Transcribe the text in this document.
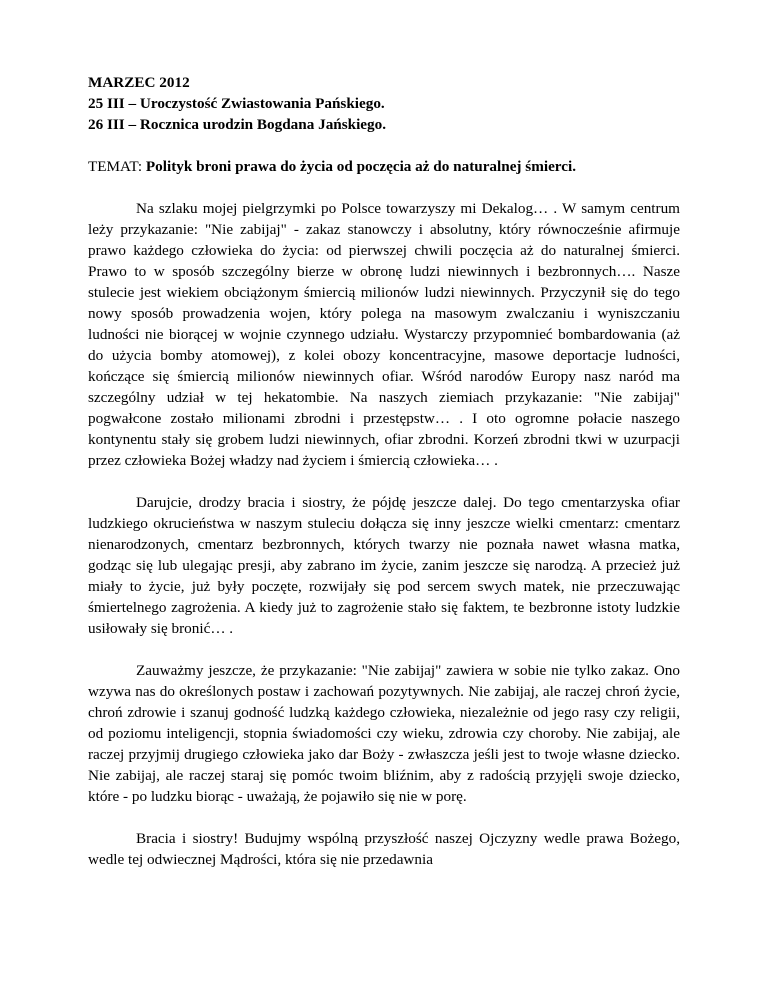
MARZEC 2012
25 III – Uroczystość Zwiastowania Pańskiego.
26 III – Rocznica urodzin Bogdana Jańskiego.
TEMAT: Polityk broni prawa do życia od poczęcia aż do naturalnej śmierci.

Na szlaku mojej pielgrzymki po Polsce towarzyszy mi Dekalog… . W samym centrum leży przykazanie: "Nie zabijaj" - zakaz stanowczy i absolutny, który równocześnie afirmuje prawo każdego człowieka do życia: od pierwszej chwili poczęcia aż do naturalnej śmierci. Prawo to w sposób szczególny bierze w obronę ludzi niewinnych i bezbronnych…. Nasze stulecie jest wiekiem obciążonym śmiercią milionów ludzi niewinnych. Przyczynił się do tego nowy sposób prowadzenia wojen, który polega na masowym zwalczaniu i wyniszczaniu ludności nie biorącej w wojnie czynnego udziału. Wystarczy przypomnieć bombardowania (aż do użycia bomby atomowej), z kolei obozy koncentracyjne, masowe deportacje ludności, kończące się śmiercią milionów niewinnych ofiar. Wśród narodów Europy nasz naród ma szczególny udział w tej hekatombie. Na naszych ziemiach przykazanie: "Nie zabijaj" pogwałcone zostało milionami zbrodni i przestępstw… . I oto ogromne połacie naszego kontynentu stały się grobem ludzi niewinnych, ofiar zbrodni. Korzeń zbrodni tkwi w uzurpacji przez człowieka Bożej władzy nad życiem i śmiercią człowieka… .

Darujcie, drodzy bracia i siostry, że pójdę jeszcze dalej. Do tego cmentarzyska ofiar ludzkiego okrucieństwa w naszym stuleciu dołącza się inny jeszcze wielki cmentarz: cmentarz nienarodzonych, cmentarz bezbronnych, których twarzy nie poznała nawet własna matka, godząc się lub ulegając presji, aby zabrano im życie, zanim jeszcze się narodzą. A przecież już miały to życie, już były poczęte, rozwijały się pod sercem swych matek, nie przeczuwając śmiertelnego zagrożenia. A kiedy już to zagrożenie stało się faktem, te bezbronne istoty ludzkie usiłowały się bronić… .

Zauważmy jeszcze, że przykazanie: "Nie zabijaj" zawiera w sobie nie tylko zakaz. Ono wzywa nas do określonych postaw i zachowań pozytywnych. Nie zabijaj, ale raczej chroń życie, chroń zdrowie i szanuj godność ludzką każdego człowieka, niezależnie od jego rasy czy religii, od poziomu inteligencji, stopnia świadomości czy wieku, zdrowia czy choroby. Nie zabijaj, ale raczej przyjmij drugiego człowieka jako dar Boży - zwłaszcza jeśli jest to twoje własne dziecko. Nie zabijaj, ale raczej staraj się pomóc twoim bliźnim, aby z radością przyjęli swoje dziecko, które - po ludzku biorąc - uważają, że pojawiło się nie w porę.

Bracia i siostry! Budujmy wspólną przyszłość naszej Ojczyzny wedle prawa Bożego, wedle tej odwiecznej Mądrości, która się nie przedawnia
